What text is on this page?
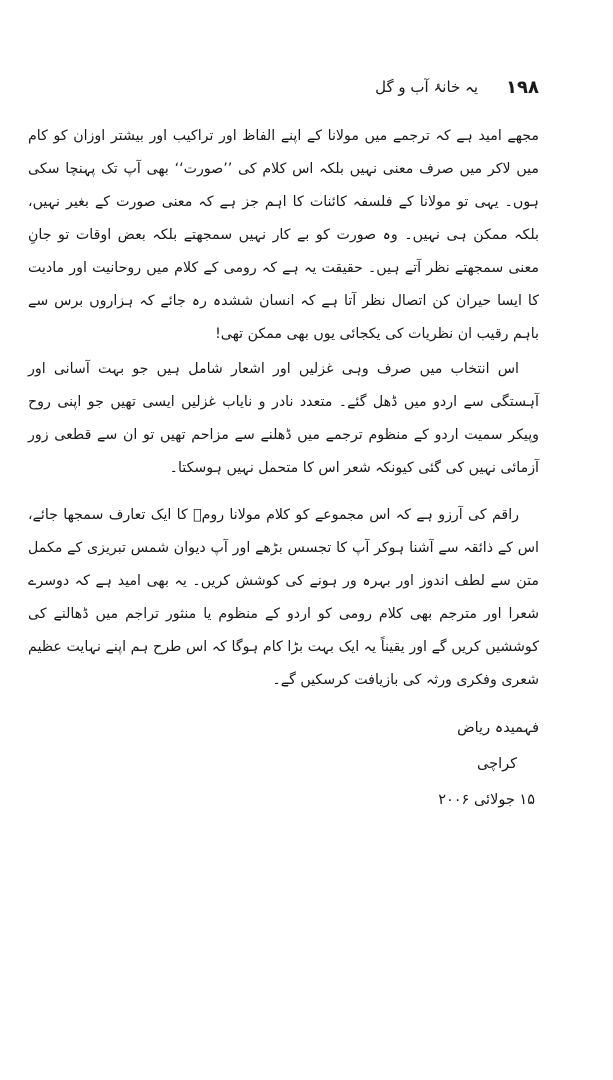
۱۹۸
یہ خانۂ آب و گل

مجھے امید ہے کہ ترجمے میں مولانا کے اپنے الفاظ اور تراکیب اور بیشتر اوزان کو کام میں لاکر میں صرف معنی نہیں بلکہ اس کلام کی ’’صورت‘‘ بھی آپ تک پہنچا سکی ہوں۔ یہی تو مولانا کے فلسفہ کائنات کا اہم جز ہے کہ معنی صورت کے بغیر نہیں، بلکہ ممکن ہی نہیں۔ وہ صورت کو بے کار نہیں سمجھتے بلکہ بعض اوقات تو جانِ معنی سمجھتے نظر آتے ہیں۔ حقیقت یہ ہے کہ رومی کے کلام میں روحانیت اور مادیت کا ایسا حیران کن اتصال نظر آتا ہے کہ انسان ششدہ رہ جائے کہ ہزاروں برس سے باہم رقیب ان نظریات کی یکجائی یوں بھی ممکن تھی!

اس انتخاب میں صرف وہی غزلیں اور اشعار شامل ہیں جو بہت آسانی اور آہستگی سے اردو میں ڈھل گئے۔ متعدد نادر و نایاب غزلیں ایسی تھیں جو اپنی روح وپیکر سمیت اردو کے منظوم ترجمے میں ڈھلنے سے مزاحم تھیں تو ان سے قطعی زور آزمائی نہیں کی گئی کیونکہ شعر اس کا متحمل نہیں ہوسکتا۔

راقم کی آرزو ہے کہ اس مجموعے کو کلام مولانا رومؒ کا ایک تعارف سمجھا جائے، اس کے ذائقہ سے آشنا ہوکر آپ کا تجسس بڑھے اور آپ دیوان شمس تبریزی کے مکمل متن سے لطف اندوز اور بہرہ ور ہونے کی کوشش کریں۔ یہ بھی امید ہے کہ دوسرے شعرا اور مترجم بھی کلام رومی کو اردو کے منظوم یا منثور تراجم میں ڈھالنے کی کوششیں کریں گے اور یقیناً یہ ایک بہت بڑا کام ہوگا کہ اس طرح ہم اپنے نہایت عظیم شعری وفکری ورثہ کی بازیافت کرسکیں گے۔

فہمیدہ ریاض
کراچی
۱۵ جولائی ۲۰۰۶
